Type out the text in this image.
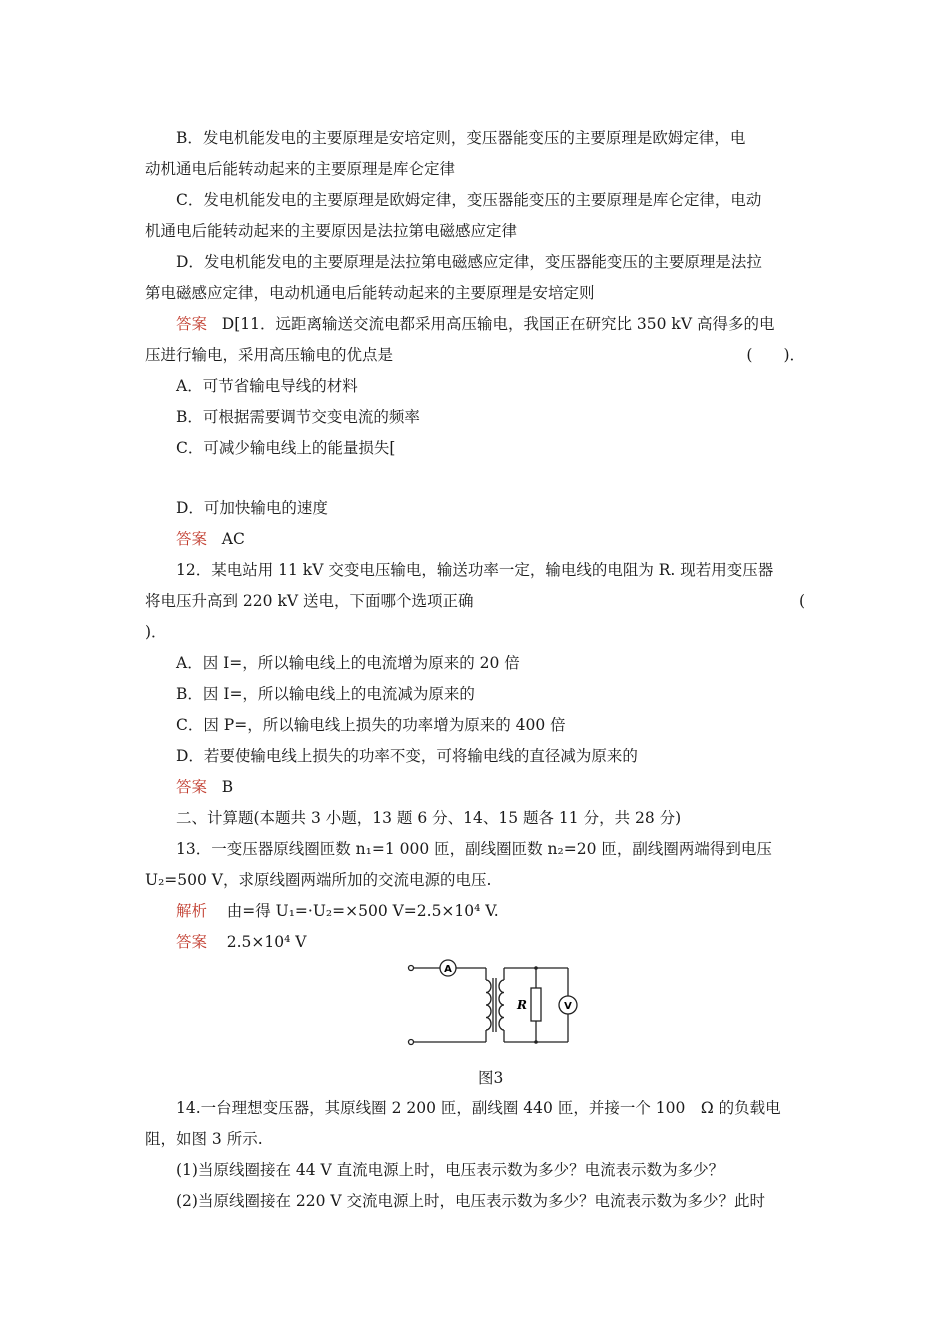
B．发电机能发电的主要原理是安培定则，变压器能变压的主要原理是欧姆定律，电
动机通电后能转动起来的主要原理是库仑定律
C．发电机能发电的主要原理是欧姆定律，变压器能变压的主要原理是库仑定律，电动
机通电后能转动起来的主要原因是法拉第电磁感应定律
D．发电机能发电的主要原理是法拉第电磁感应定律，变压器能变压的主要原理是法拉
第电磁感应定律，电动机通电后能转动起来的主要原理是安培定则
答案 D[11．远距离输送交流电都采用高压输电，我国正在研究比 350 kV 高得多的电
压进行输电，采用高压输电的优点是	(　　)．
A．可节省输电导线的材料
B．可根据需要调节交变电流的频率
C．可减少输电线上的能量损失[
D．可加快输电的速度
答案 AC
12．某电站用 11 kV 交变电压输电，输送功率一定，输电线的电阻为 R. 现若用变压器
将电压升高到 220 kV 送电，下面哪个选项正确	(
)．
A．因 I=，所以输电线上的电流增为原来的 20 倍
B．因 I=，所以输电线上的电流减为原来的
C．因 P=，所以输电线上损失的功率增为原来的 400 倍
D．若要使输电线上损失的功率不变，可将输电线的直径减为原来的
答案 B
二、计算题(本题共 3 小题，13 题 6 分、14、15 题各 11 分，共 28 分)
13．一变压器原线圈匝数 n₁=1 000 匝，副线圈匝数 n₂=20 匝，副线圈两端得到电压
U₂=500 V，求原线圈两端所加的交流电源的电压.
解析 由=得 U₁=·U₂=×500 V=2.5×10⁴ V.
答案 2.5×10⁴ V
A
R	V
图3
14.一台理想变压器，其原线圈 2 200 匝，副线圈 440 匝，并接一个 100　Ω 的负载电
阻，如图 3 所示.
(1)当原线圈接在 44 V 直流电源上时，电压表示数为多少？电流表示数为多少？
(2)当原线圈接在 220 V 交流电源上时，电压表示数为多少？电流表示数为多少？此时
